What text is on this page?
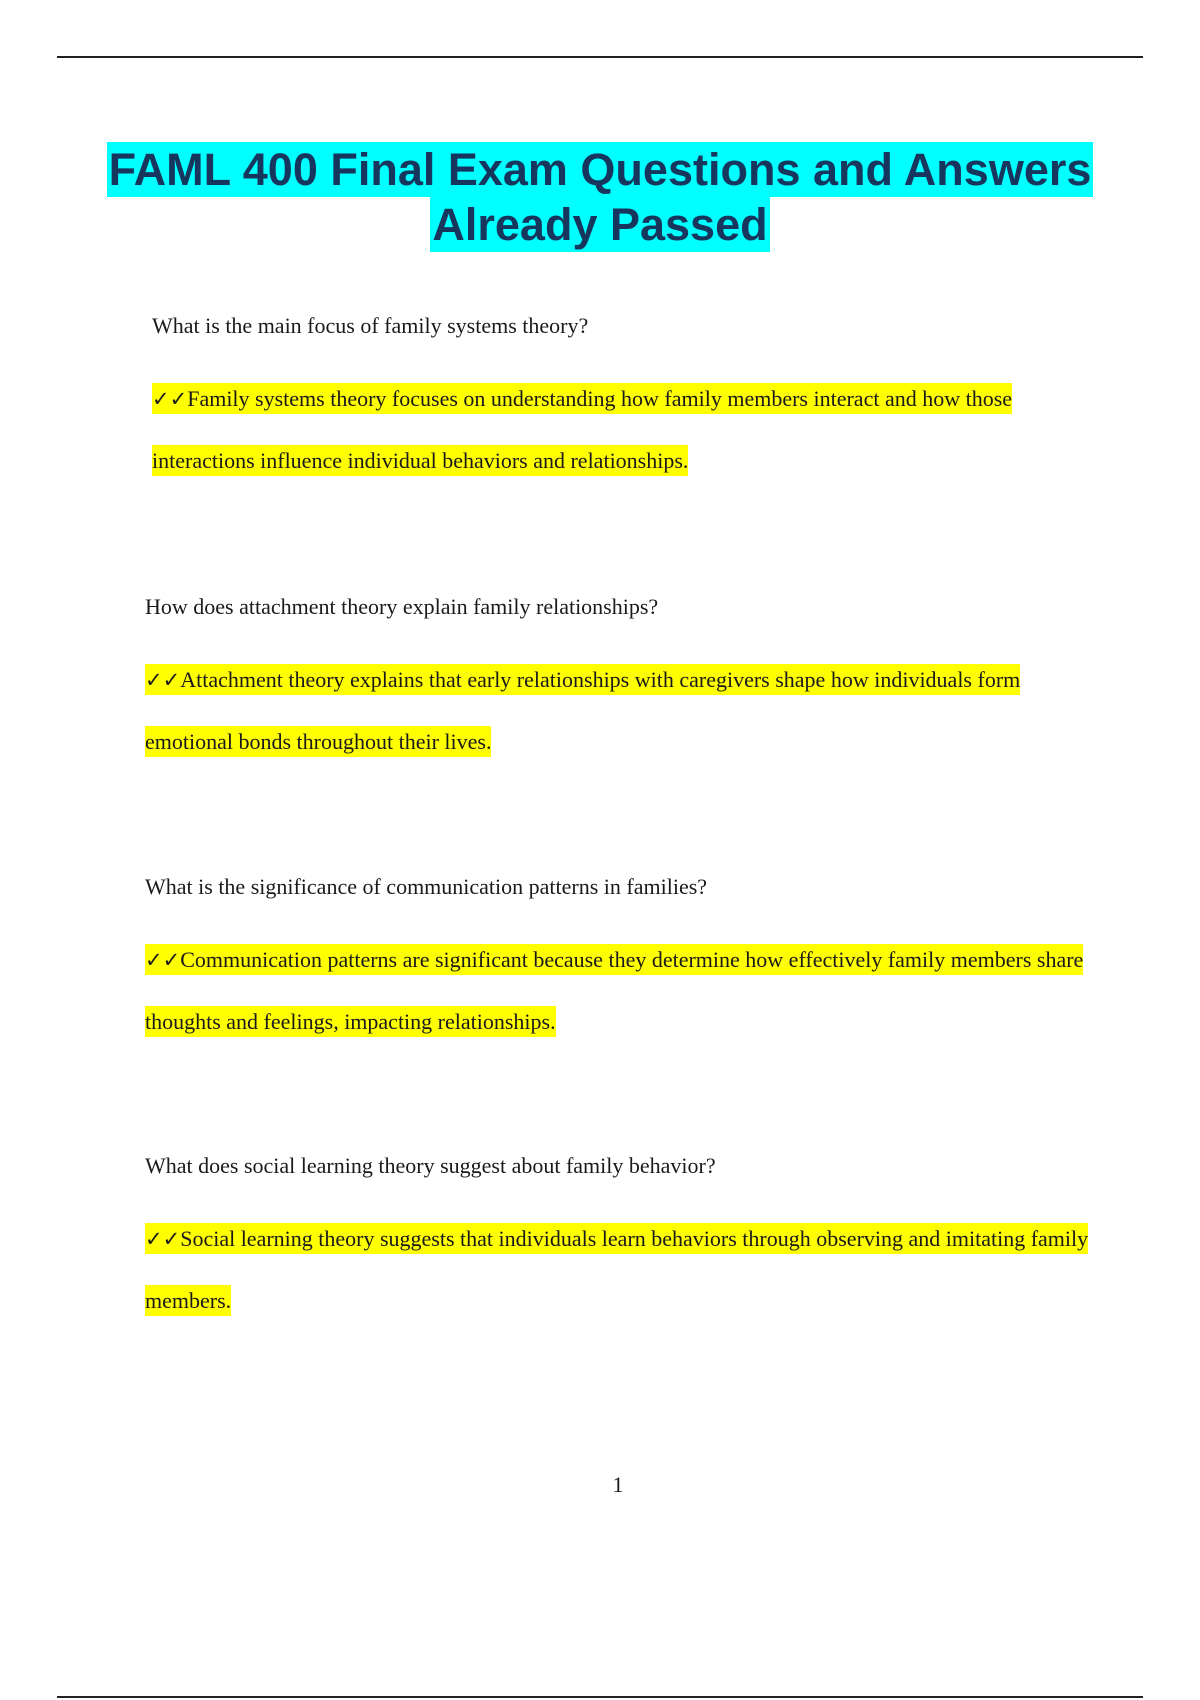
FAML 400 Final Exam Questions and Answers Already Passed

What is the main focus of family systems theory?

✓✓Family systems theory focuses on understanding how family members interact and how those interactions influence individual behaviors and relationships.

How does attachment theory explain family relationships?

✓✓Attachment theory explains that early relationships with caregivers shape how individuals form emotional bonds throughout their lives.

What is the significance of communication patterns in families?

✓✓Communication patterns are significant because they determine how effectively family members share thoughts and feelings, impacting relationships.

What does social learning theory suggest about family behavior?

✓✓Social learning theory suggests that individuals learn behaviors through observing and imitating family members.

1
